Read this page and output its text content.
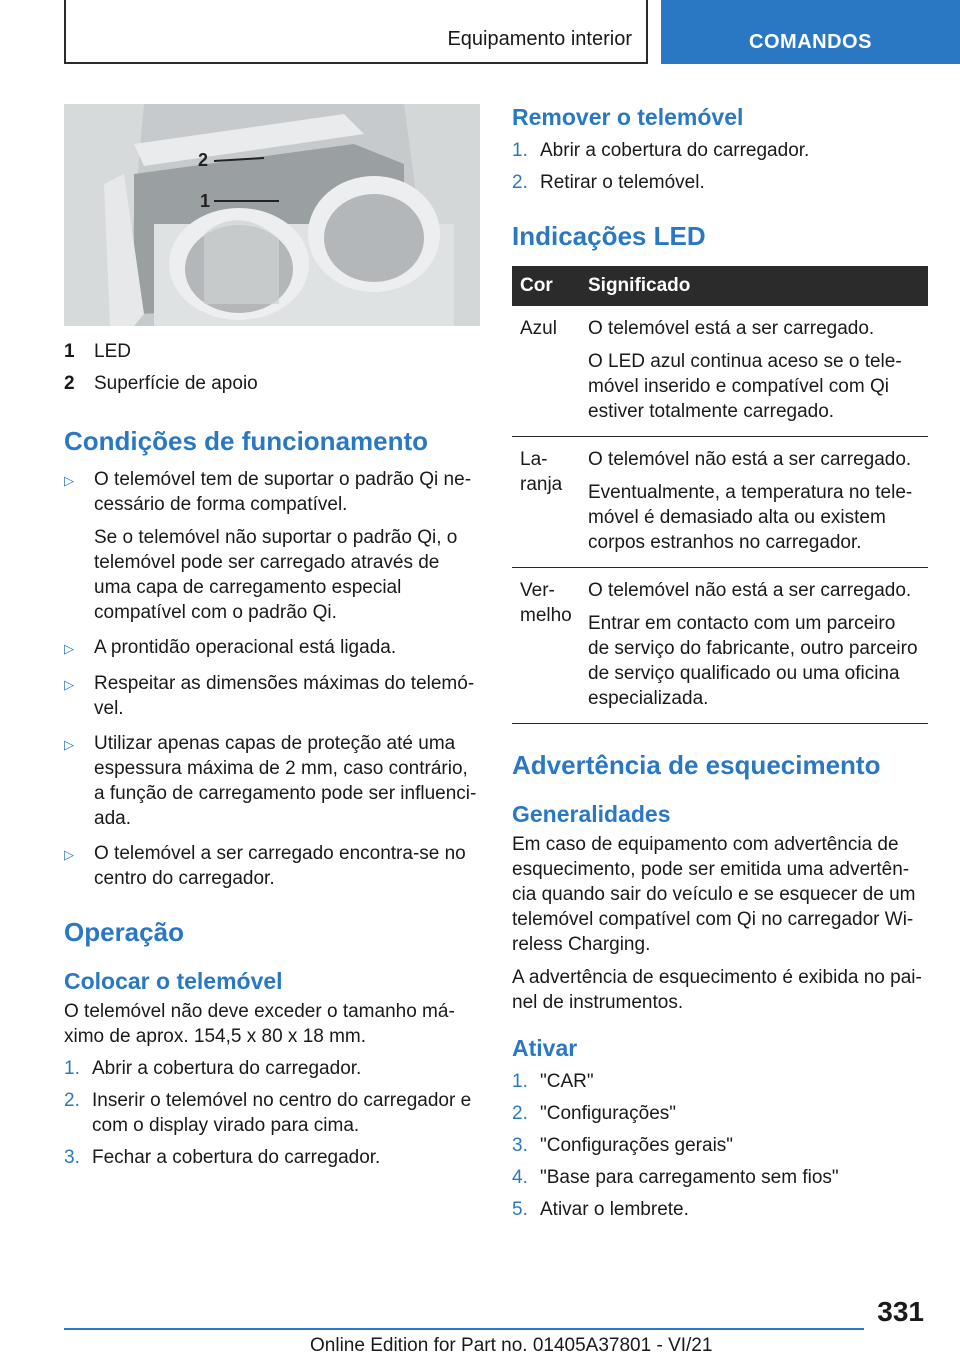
Equipamento interior	COMANDOS
2
1
1	LED
2	Superfície de apoio
Condições de funcionamento
▷	O telemóvel tem de suportar o padrão Qi ne-cessário de forma compatível.

Se o telemóvel não suportar o padrão Qi, o telemóvel pode ser carregado através de uma capa de carregamento especial compatível com o padrão Qi.

▷	A prontidão operacional está ligada.

▷	Respeitar as dimensões máximas do telemó-vel.

▷	Utilizar apenas capas de proteção até uma espessura máxima de 2 mm, caso contrário, a função de carregamento pode ser influenci-ada.

▷	O telemóvel a ser carregado encontra-se no centro do carregador.

Operação
Colocar o telemóvel

O telemóvel não deve exceder o tamanho má-ximo de aprox. 154,5 x 80 x 18 mm.

1. Abrir a cobertura do carregador.
2. Inserir o telemóvel no centro do carregador e com o display virado para cima.
3. Fechar a cobertura do carregador.
Remover o telemóvel
1. Abrir a cobertura do carregador.
2. Retirar o telemóvel.
Indicações LED
Cor	Significado
Azul	O telemóvel está a ser carregado.

O LED azul continua aceso se o tele-móvel inserido e compatível com Qi estiver totalmente carregado.

La-ranja	O telemóvel não está a ser carregado.

Eventualmente, a temperatura no tele-móvel é demasiado alta ou existem corpos estranhos no carregador.

Ver-melho	O telemóvel não está a ser carregado.

Entrar em contacto com um parceiro de serviço do fabricante, outro parceiro de serviço qualificado ou uma oficina especializada.

Advertência de esquecimento
Generalidades

Em caso de equipamento com advertência de esquecimento, pode ser emitida uma advertên-cia quando sair do veículo e se esquecer de um telemóvel compatível com Qi no carregador Wi-reless Charging.

A advertência de esquecimento é exibida no pai-nel de instrumentos.

Ativar
1. "CAR"
2. "Configurações"
3. "Configurações gerais"
4. "Base para carregamento sem fios"
5. Ativar o lembrete.
331
Online Edition for Part no. 01405A37801 - VI/21
